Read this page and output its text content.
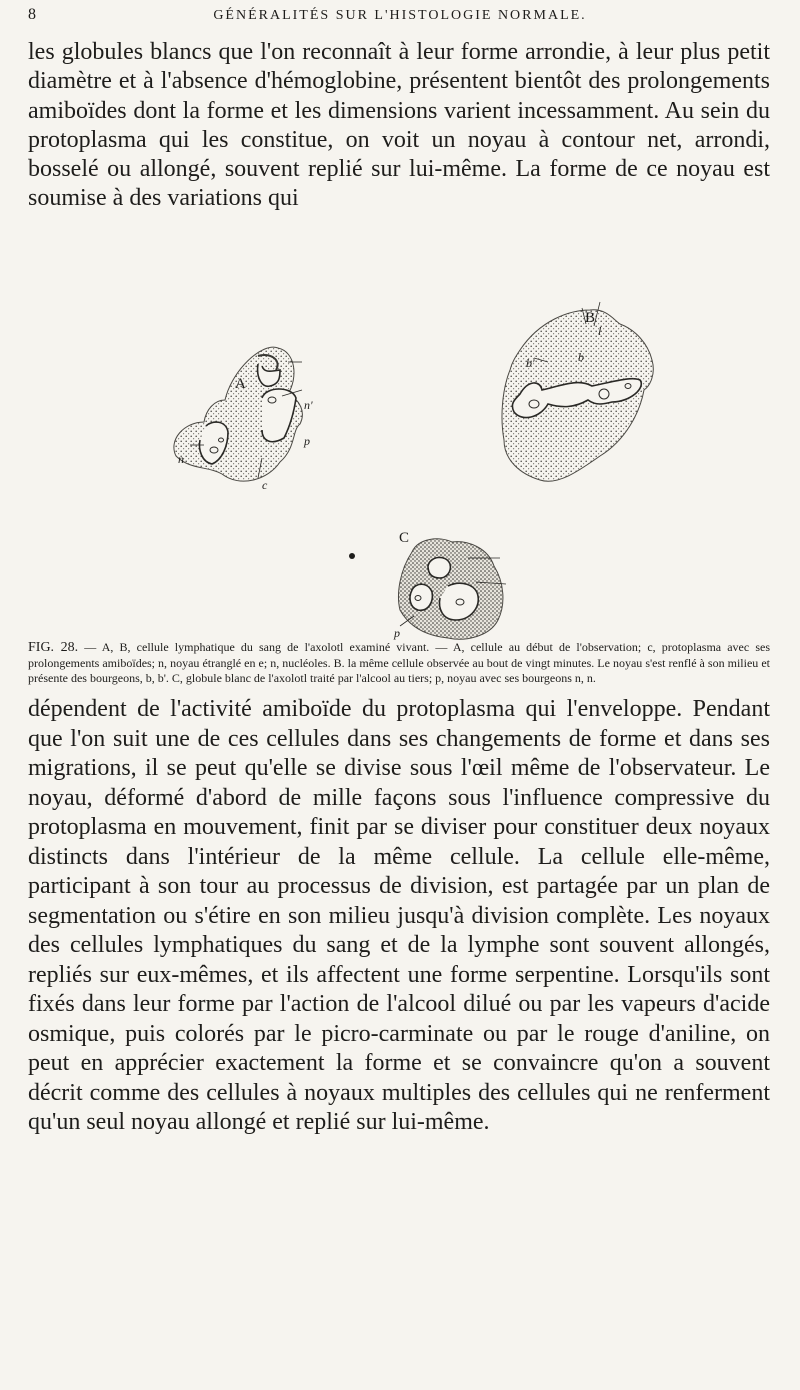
8	GÉNÉRALITÉS SUR L'HISTOLOGIE NORMALE.

les globules blancs que l'on reconnaît à leur forme arrondie, à leur plus petit diamètre et à l'absence d'hémoglobine, présentent bientôt des prolongements amiboïdes dont la forme et les dimensions varient incessamment. Au sein du protoplasma qui les constitue, on voit un noyau à contour net, arrondi, bosselé ou allongé, souvent replié sur lui-même. La forme de ce noyau est soumise à des variations qui

A
B
C
n'
p
c
n
b
b'
l
p

FIG. 28. — A, B, cellule lymphatique du sang de l'axolotl examiné vivant. — A, cellule au début de l'observation; c, protoplasma avec ses prolongements amiboïdes; n, noyau étranglé en e; n, nucléoles. B. la même cellule observée au bout de vingt minutes. Le noyau s'est renflé à son milieu et présente des bourgeons, b, b'. C, globule blanc de l'axolotl traité par l'alcool au tiers; p, noyau avec ses bourgeons n, n.

dépendent de l'activité amiboïde du protoplasma qui l'enveloppe. Pendant que l'on suit une de ces cellules dans ses changements de forme et dans ses migrations, il se peut qu'elle se divise sous l'œil même de l'observateur. Le noyau, déformé d'abord de mille façons sous l'influence compressive du protoplasma en mouvement, finit par se diviser pour constituer deux noyaux distincts dans l'intérieur de la même cellule. La cellule elle-même, participant à son tour au processus de division, est partagée par un plan de segmentation ou s'étire en son milieu jusqu'à division complète. Les noyaux des cellules lymphatiques du sang et de la lymphe sont souvent allongés, repliés sur eux-mêmes, et ils affectent une forme serpentine. Lorsqu'ils sont fixés dans leur forme par l'action de l'alcool dilué ou par les vapeurs d'acide osmique, puis colorés par le picro-carminate ou par le rouge d'aniline, on peut en apprécier exactement la forme et se convaincre qu'on a souvent décrit comme des cellules à noyaux multiples des cellules qui ne renferment qu'un seul noyau allongé et replié sur lui-même.
